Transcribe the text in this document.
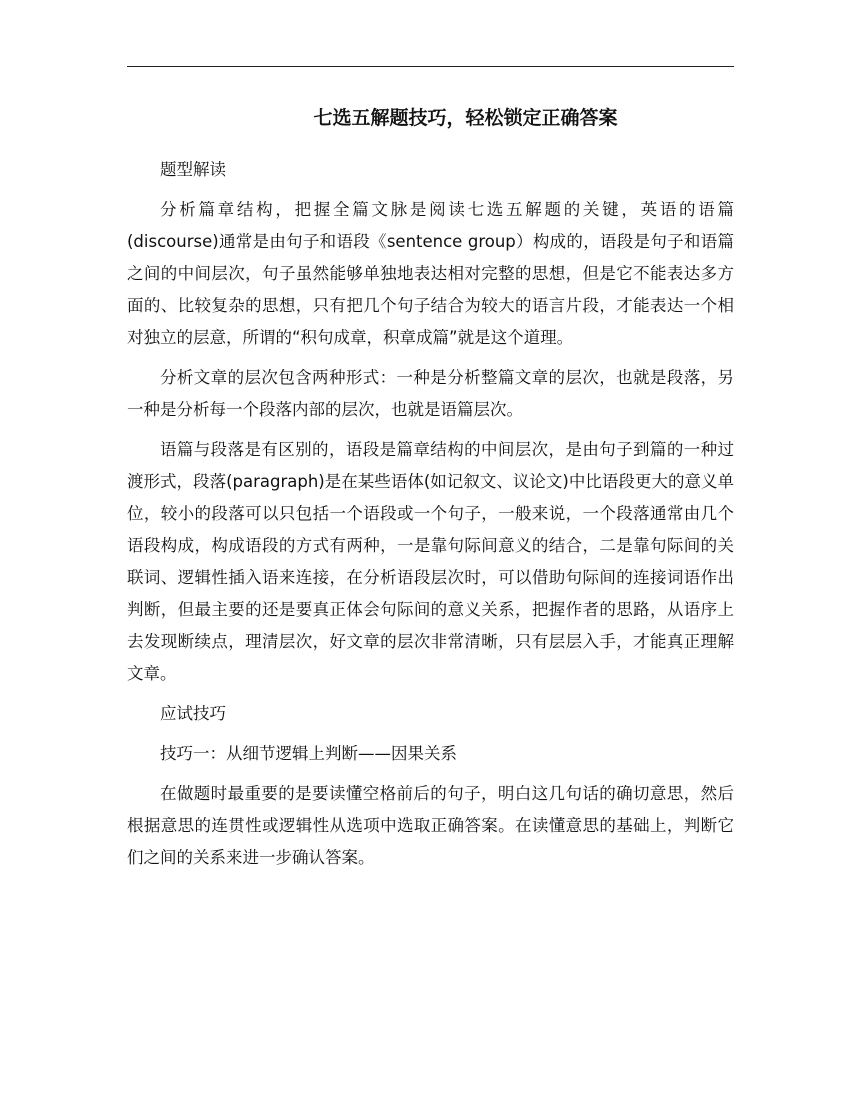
七选五解题技巧，轻松锁定正确答案

题型解读

分析篇章结构，把握全篇文脉是阅读七选五解题的关键，英语的语篇(discourse)通常是由句子和语段《sentence group）构成的，语段是句子和语篇之间的中间层次，句子虽然能够单独地表达相对完整的思想，但是它不能表达多方面的、比较复杂的思想，只有把几个句子结合为较大的语言片段，才能表达一个相对独立的层意，所谓的“积句成章，积章成篇”就是这个道理。

分析文章的层次包含两种形式：一种是分析整篇文章的层次，也就是段落，另一种是分析每一个段落内部的层次，也就是语篇层次。

语篇与段落是有区别的，语段是篇章结构的中间层次，是由句子到篇的一种过渡形式，段落(paragraph)是在某些语体(如记叙文、议论文)中比语段更大的意义单位，较小的段落可以只包括一个语段或一个句子，一般来说，一个段落通常由几个语段构成，构成语段的方式有两种，一是靠句际间意义的结合，二是靠句际间的关联词、逻辑性插入语来连接，在分析语段层次时，可以借助句际间的连接词语作出判断，但最主要的还是要真正体会句际间的意义关系，把握作者的思路，从语序上去发现断续点，理清层次，好文章的层次非常清晰，只有层层入手，才能真正理解文章。

应试技巧

技巧一：从细节逻辑上判断——因果关系

在做题时最重要的是要读懂空格前后的句子，明白这几句话的确切意思，然后根据意思的连贯性或逻辑性从选项中选取正确答案。在读懂意思的基础上，判断它们之间的关系来进一步确认答案。
